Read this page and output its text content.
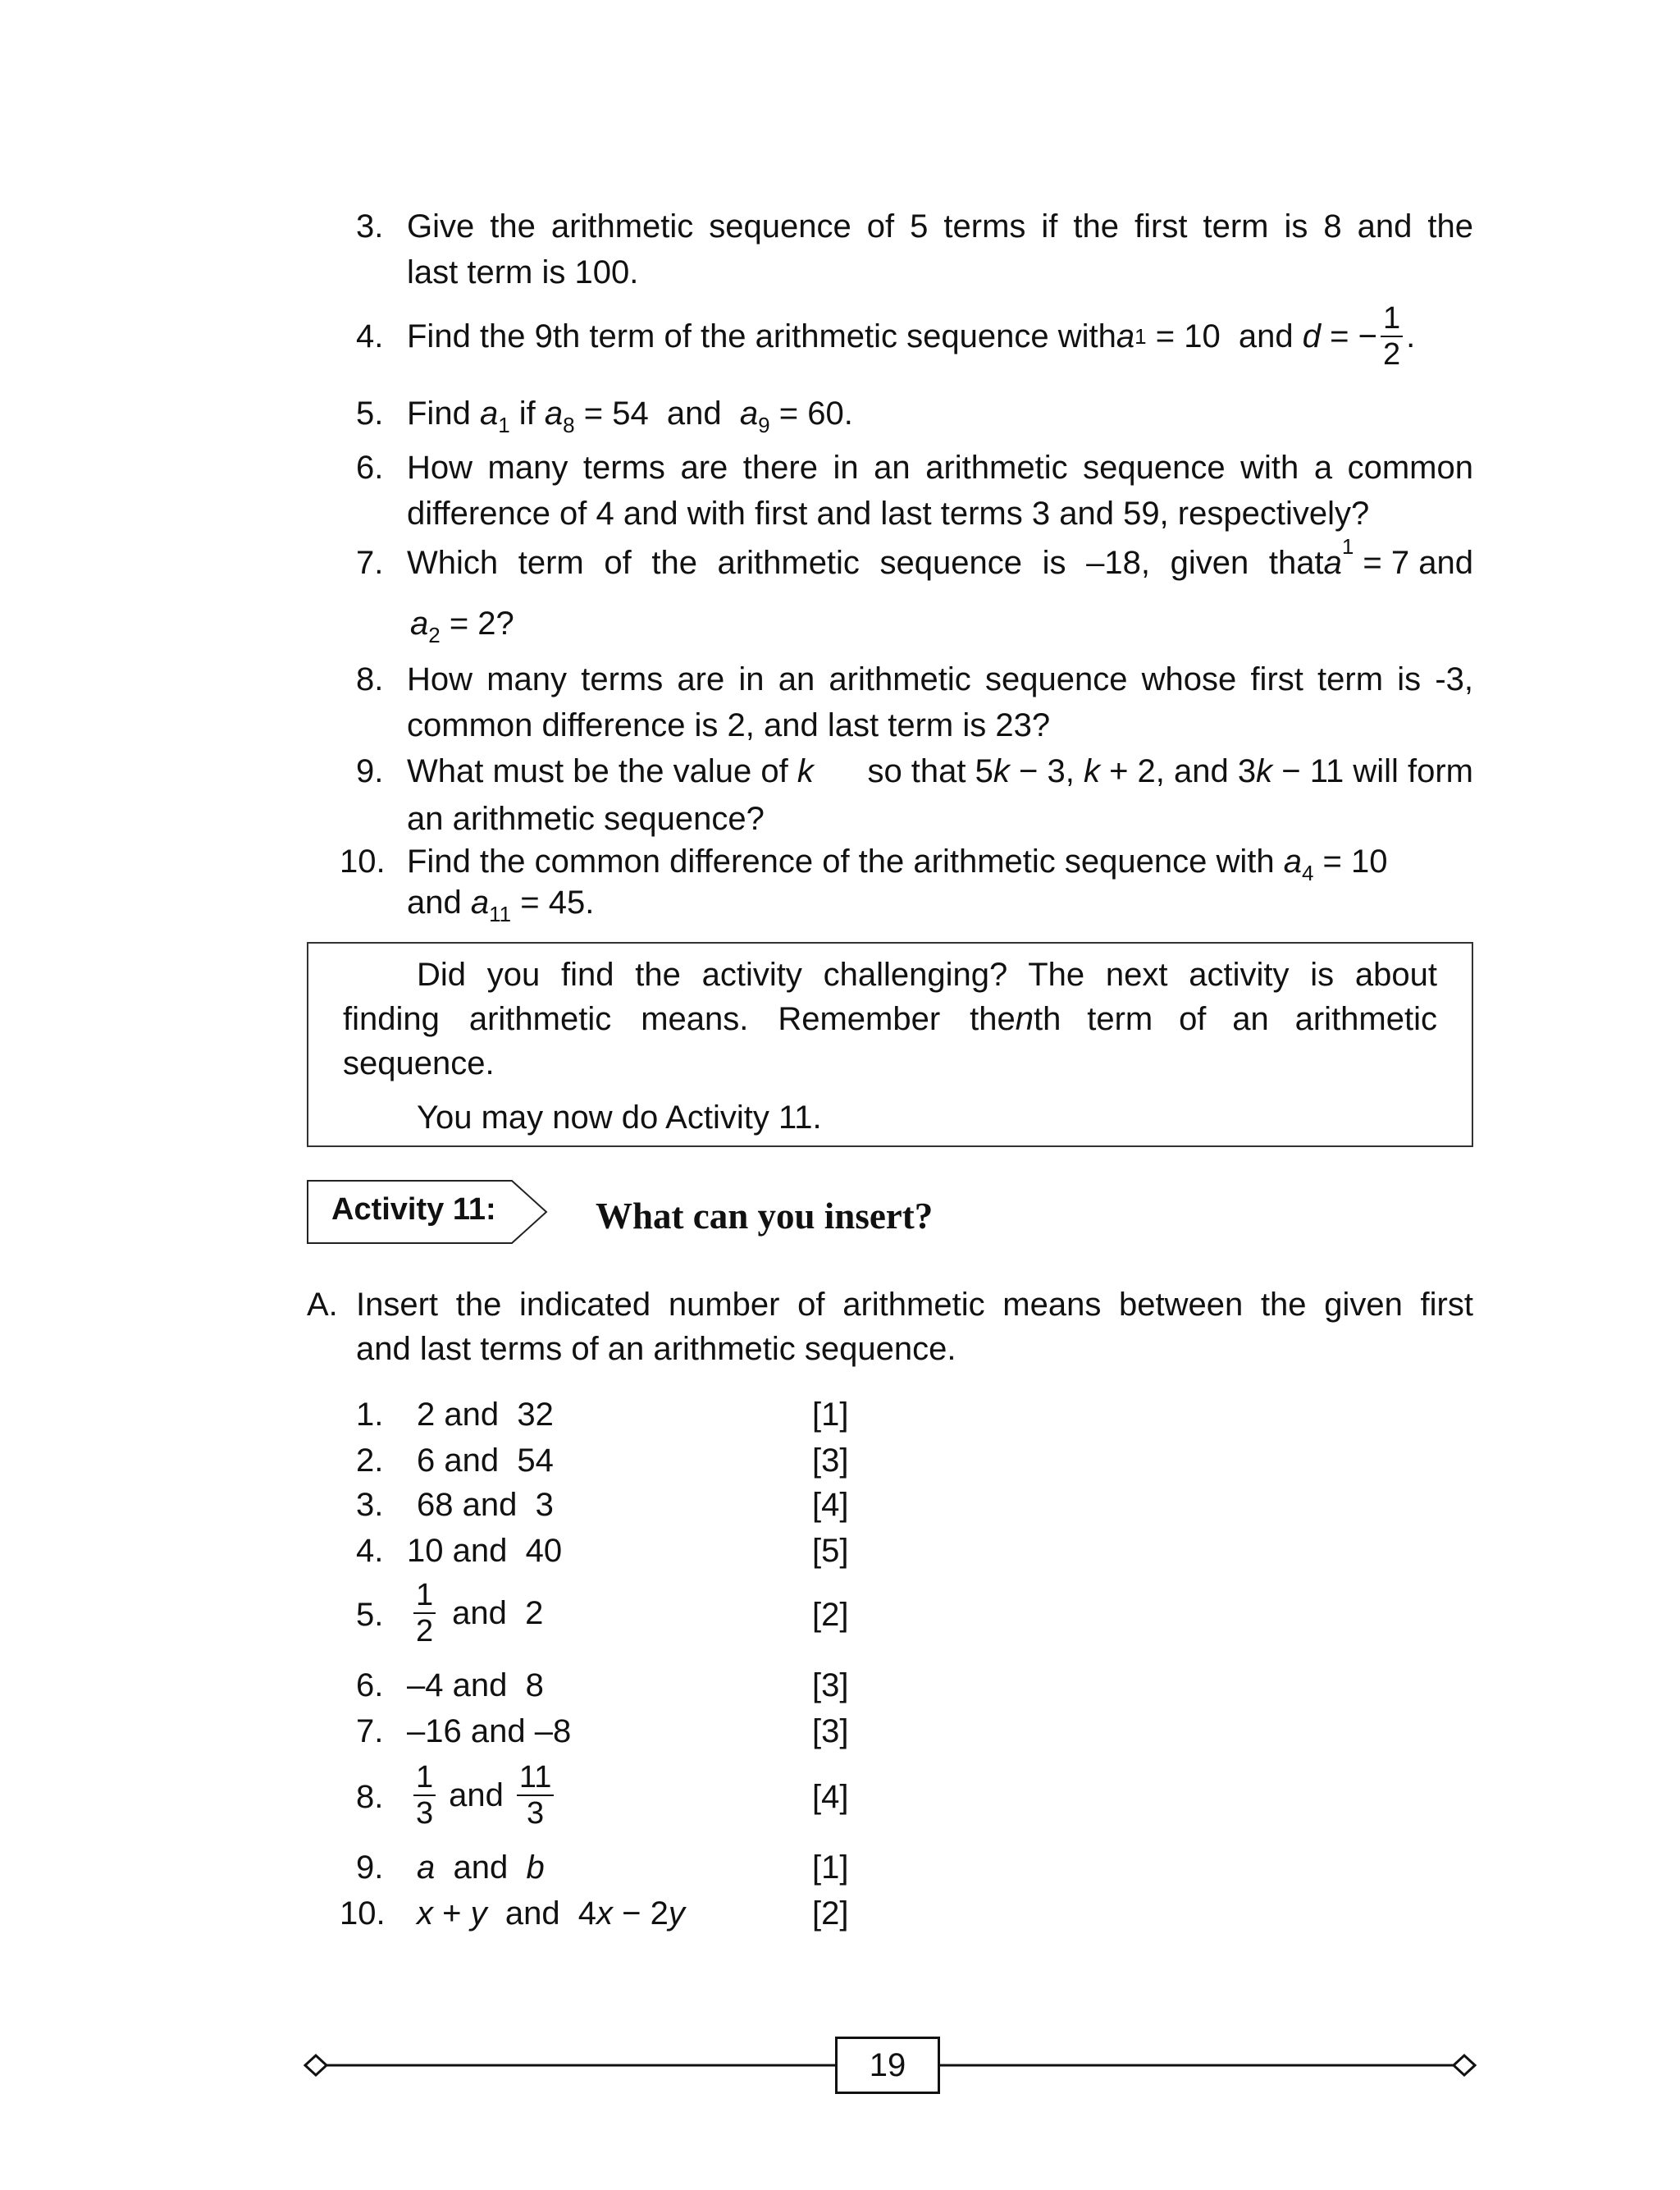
3. Give the arithmetic sequence of 5 terms if the first term is 8 and the
last term is 100.
4. Find the 9th term of the arithmetic sequence with a 1 = 10 and d = − $\frac{1}{2}$ .
5. Find $a_1$ if $a_8 = 54$  and  $a_9 = 60$.
6. How many terms are there in an arithmetic sequence with a common
difference of 4 and with first and last terms 3 and 59, respectively?
7. Which term of the arithmetic sequence is –18, given that a 1 = 7 and
$a_2 = 2$?
8. How many terms are in an arithmetic sequence whose first term is -3,
common difference is 2, and last term is 23?
9. What must be the value of k so that 5k − 3, k + 2, and 3k − 11 will form
an arithmetic sequence?
10. Find the common difference of the arithmetic sequence with $a_4 = 10$
and $a_{11} = 45$.
Did you find the activity challenging? The next activity is about
finding arithmetic means. Remember the n th term of an arithmetic
sequence.
You may now do Activity 11.
Activity 11:	What can you insert?
A. Insert the indicated number of arithmetic means between the given first
and last terms of an arithmetic sequence.
1. 2 and  32	[1]
2. 6 and  54	[3]
3. 68 and  3	[4]
4. 10 and  40	[5]
5. $\frac{1}{2}$ and  2	[2]
6. –4 and  8	[3]
7. –16 and –8	[3]
8. $\frac{1}{3}$ and $\frac{11}{3}$	[4]
9. a  and  b	[1]
10. x + y  and  4x − 2y	[2]
19
